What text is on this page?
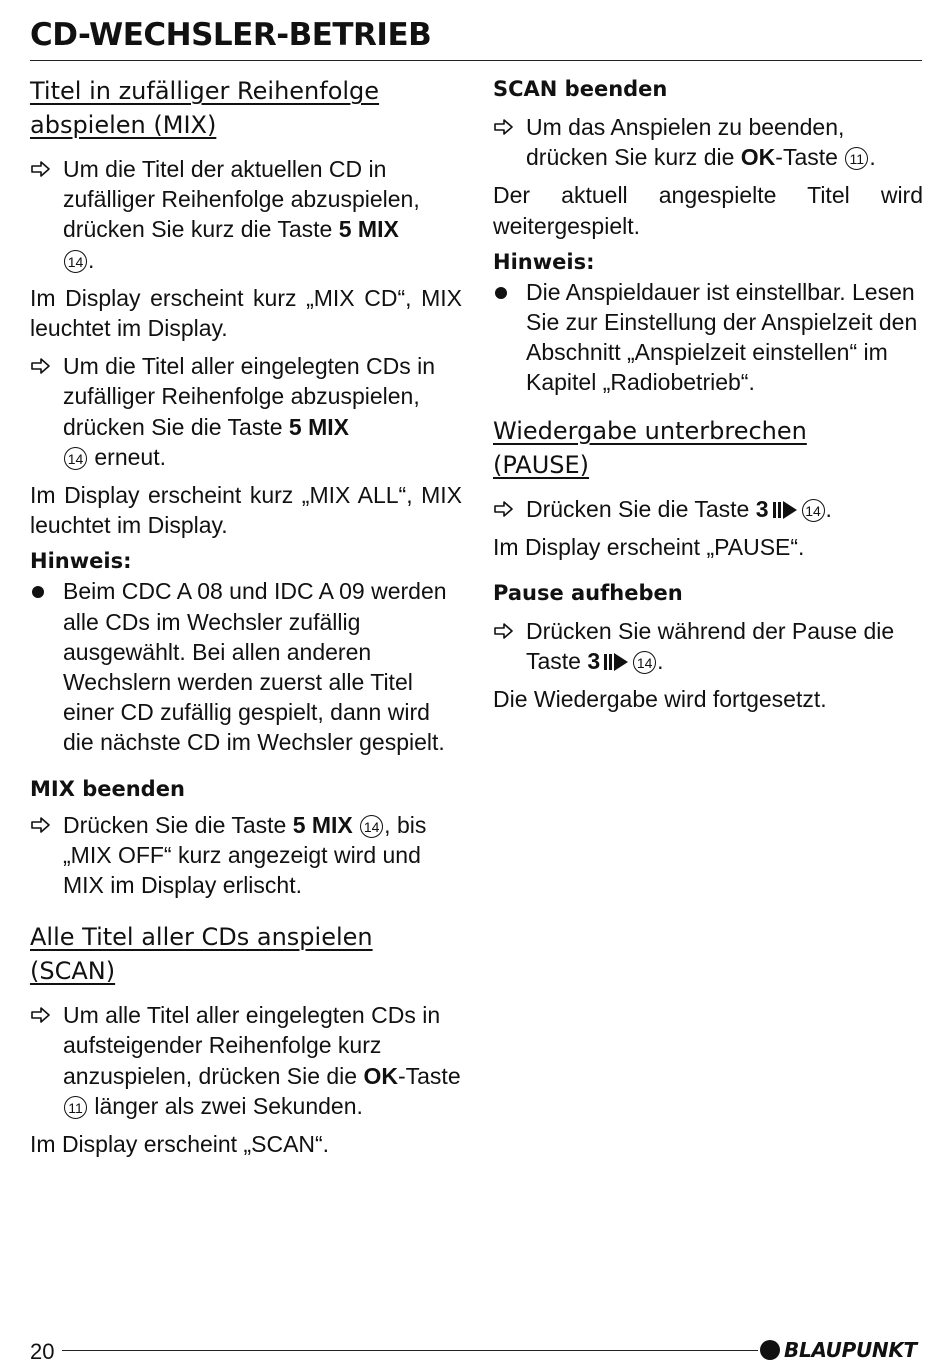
CD-WECHSLER-BETRIEB

Titel in zufälliger Reihenfolge
abspielen (MIX)

Um die Titel der aktuellen CD in zufälliger Reihenfolge abzuspielen, drücken Sie kurz die Taste 5 MIX
14 .

Im Display erscheint kurz „MIX CD“, MIX leuchtet im Display.

Um die Titel aller eingelegten CDs in zufälliger Reihenfolge abzuspielen, drücken Sie die Taste 5 MIX
14 erneut.

Im Display erscheint kurz „MIX ALL“, MIX leuchtet im Display.

Hinweis:

Beim CDC A 08 und IDC A 09 werden alle CDs im Wechsler zufällig ausgewählt. Bei allen anderen Wechslern werden zuerst alle Titel einer CD zufällig gespielt, dann wird die nächste CD im Wechsler gespielt.

MIX beenden

Drücken Sie die Taste 5 MIX 14 , bis „MIX OFF“ kurz angezeigt wird und MIX im Display erlischt.

Alle Titel aller CDs anspielen
(SCAN)

Um alle Titel aller eingelegten CDs in aufsteigender Reihenfolge kurz anzuspielen, drücken Sie die OK-Taste 11 länger als zwei Sekunden.

Im Display erscheint „SCAN“.

SCAN beenden

Um das Anspielen zu beenden, drücken Sie kurz die OK-Taste 11 .

Der aktuell angespielte Titel wird weitergespielt.

Hinweis:

Die Anspieldauer ist einstellbar. Lesen Sie zur Einstellung der Anspielzeit den Abschnitt „Anspielzeit einstellen“ im Kapitel „Radiobetrieb“.

Wiedergabe unterbrechen
(PAUSE)

Drücken Sie die Taste 3	14 .

Im Display erscheint „PAUSE“.

Pause aufheben

Drücken Sie während der Pause die Taste 3	14 .

Die Wiedergabe wird fortgesetzt.

20	BLAUPUNKT
